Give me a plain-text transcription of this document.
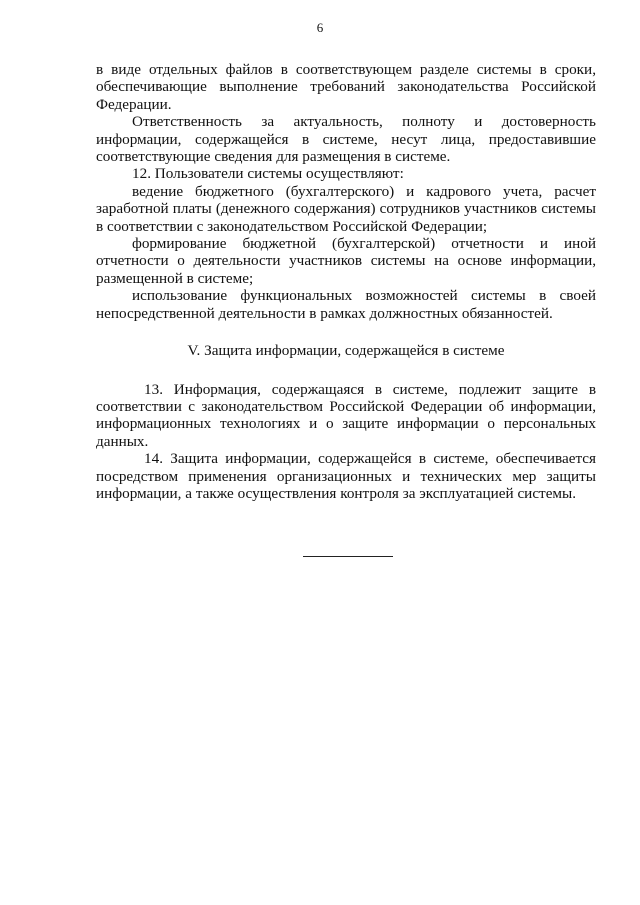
6

в виде отдельных файлов в соответствующем разделе системы в сроки, обеспечивающие выполнение требований законодательства Российской Федерации.

Ответственность за актуальность, полноту и достоверность информации, содержащейся в системе, несут лица, предоставившие соответствующие сведения для размещения в системе.

12. Пользователи системы осуществляют:

ведение бюджетного (бухгалтерского) и кадрового учета, расчет заработной платы (денежного содержания) сотрудников участников системы в соответствии с законодательством Российской Федерации;

формирование бюджетной (бухгалтерской) отчетности и иной отчетности о деятельности участников системы на основе информации, размещенной в системе;

использование функциональных возможностей системы в своей непосредственной деятельности в рамках должностных обязанностей.

V. Защита информации, содержащейся в системе

13. Информация, содержащаяся в системе, подлежит защите в соответствии с законодательством Российской Федерации об информации, информационных технологиях и о защите информации о персональных данных.

14. Защита информации, содержащейся в системе, обеспечивается посредством применения организационных и технических мер защиты информации, а также осуществления контроля за эксплуатацией системы.
